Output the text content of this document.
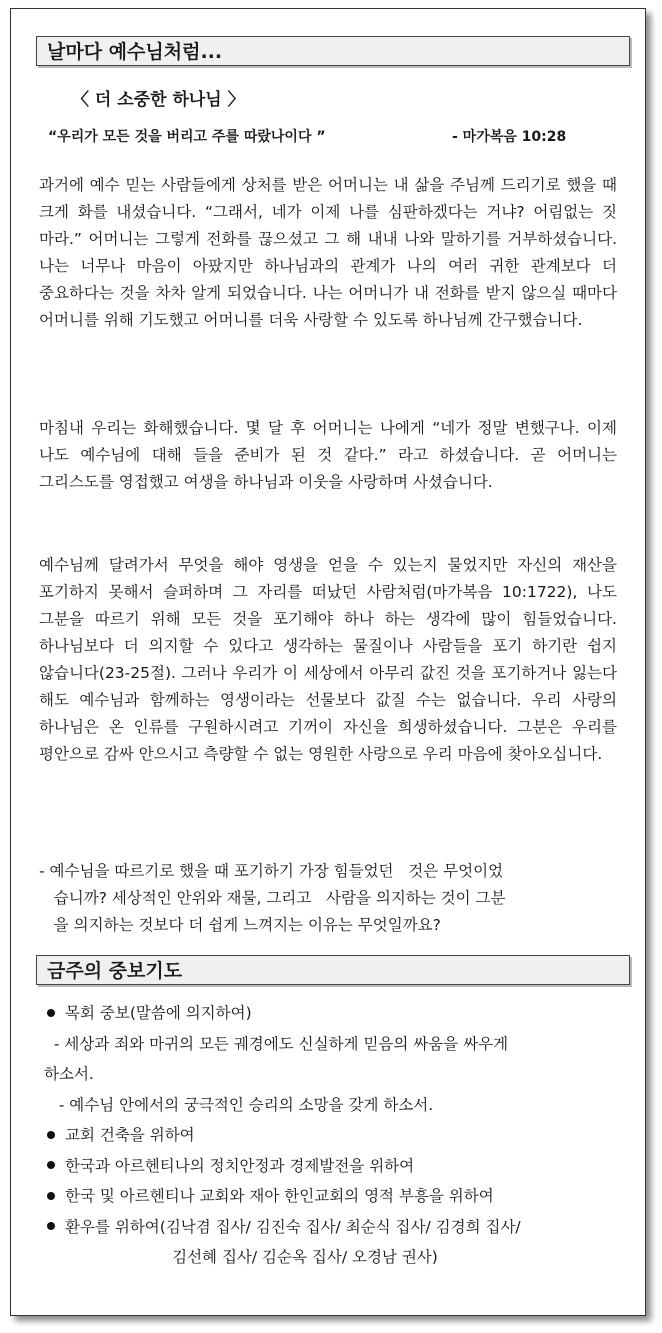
날마다 예수님처럼...
〈 더 소중한 하나님 〉
“우리가 모든 것을 버리고 주를 따랐나이다 ”	- 마가복음 10:28
과거에 예수 믿는 사람들에게 상처를 받은 어머니는 내 삶을 주님께 드리기로 했을 때 크게 화를 내셨습니다. “그래서, 네가 이제 나를 심판하겠다는 거냐? 어림없는 짓 마라.” 어머니는 그렇게 전화를 끊으셨고 그 해 내내 나와 말하기를 거부하셨습니다. 나는 너무나 마음이 아팠지만 하나님과의 관계가 나의 여러 귀한 관계보다 더 중요하다는 것을 차차 알게 되었습니다. 나는 어머니가 내 전화를 받지 않으실 때마다 어머니를 위해 기도했고 어머니를 더욱 사랑할 수 있도록 하나님께 간구했습니다.
마침내 우리는 화해했습니다. 몇 달 후 어머니는 나에게 “네가 정말 변했구나. 이제 나도 예수님에 대해 들을 준비가 된 것 같다.” 라고 하셨습니다. 곧 어머니는 그리스도를 영접했고 여생을 하나님과 이웃을 사랑하며 사셨습니다.
예수님께 달려가서 무엇을 해야 영생을 얻을 수 있는지 물었지만 자신의 재산을 포기하지 못해서 슬퍼하며 그 자리를 떠났던 사람처럼(마가복음 10:1722), 나도 그분을 따르기 위해 모든 것을 포기해야 하나 하는 생각에 많이 힘들었습니다. 하나님보다 더 의지할 수 있다고 생각하는 물질이나 사람들을 포기 하기란 쉽지 않습니다(23-25절). 그러나 우리가 이 세상에서 아무리 값진 것을 포기하거나 잃는다 해도 예수님과 함께하는 영생이라는 선물보다 값질 수는 없습니다. 우리 사랑의 하나님은 온 인류를 구원하시려고 기꺼이 자신을 희생하셨습니다. 그분은 우리를 평안으로 감싸 안으시고 측량할 수 없는 영원한 사랑으로 우리 마음에 찾아오십니다.
- 예수님을 따르기로 했을 때 포기하기 가장 힘들었던   것은 무엇이었
습니까? 세상적인 안위와 재물, 그리고   사람을 의지하는 것이 그분
을 의지하는 것보다 더 쉽게 느껴지는 이유는 무엇일까요?
금주의 중보기도
목회 중보(말씀에 의지하여)
- 세상과 죄와 마귀의 모든 궤경에도 신실하게 믿음의 싸움을 싸우게
하소서.
- 예수님 안에서의 궁극적인 승리의 소망을 갖게 하소서.
교회 건축을 위하여
한국과 아르헨티나의 정치안정과 경제발전을 위하여
한국 및 아르헨티나 교회와 재아 한인교회의 영적 부흥을 위하여
환우를 위하여(김낙겸 집사/ 김진숙 집사/ 최순식 집사/ 김경희 집사/
김선혜 집사/ 김순옥 집사/ 오경남 권사)
